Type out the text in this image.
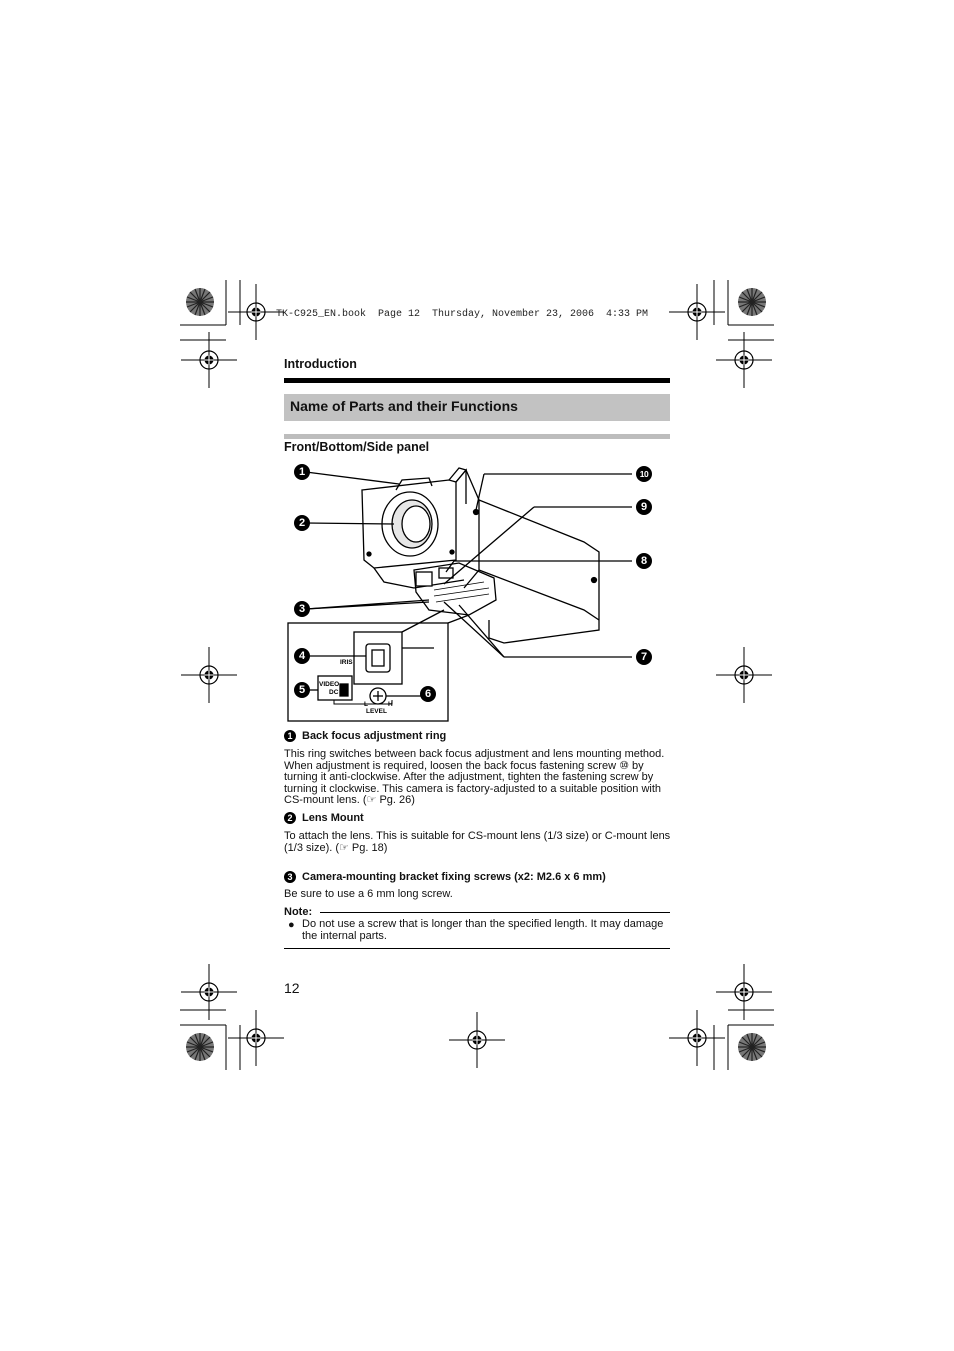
TK-C925_EN.book  Page 12  Thursday, November 23, 2006  4:33 PM
Introduction
Name of Parts and their Functions
Front/Bottom/Side panel
IRIS
VIDEO
DC
L	H
LEVEL
1
2
3
4
5	6
7
8
9
10
1 Back focus adjustment ring
This ring switches between back focus adjustment and lens mounting method. When adjustment is required, loosen the back focus fastening screw ⑩ by turning it anti-clockwise. After the adjustment, tighten the fastening screw by turning it clockwise. This camera is factory-adjusted to a suitable position with CS-mount lens. (☞ Pg. 26)
2 Lens Mount
To attach the lens. This is suitable for CS-mount lens (1/3 size) or C-mount lens (1/3 size). (☞ Pg. 18)
3 Camera-mounting bracket fixing screws (x2: M2.6 x 6 mm)
Be sure to use a 6 mm long screw.
Note:
● Do not use a screw that is longer than the specified length. It may damage the internal parts.
12
